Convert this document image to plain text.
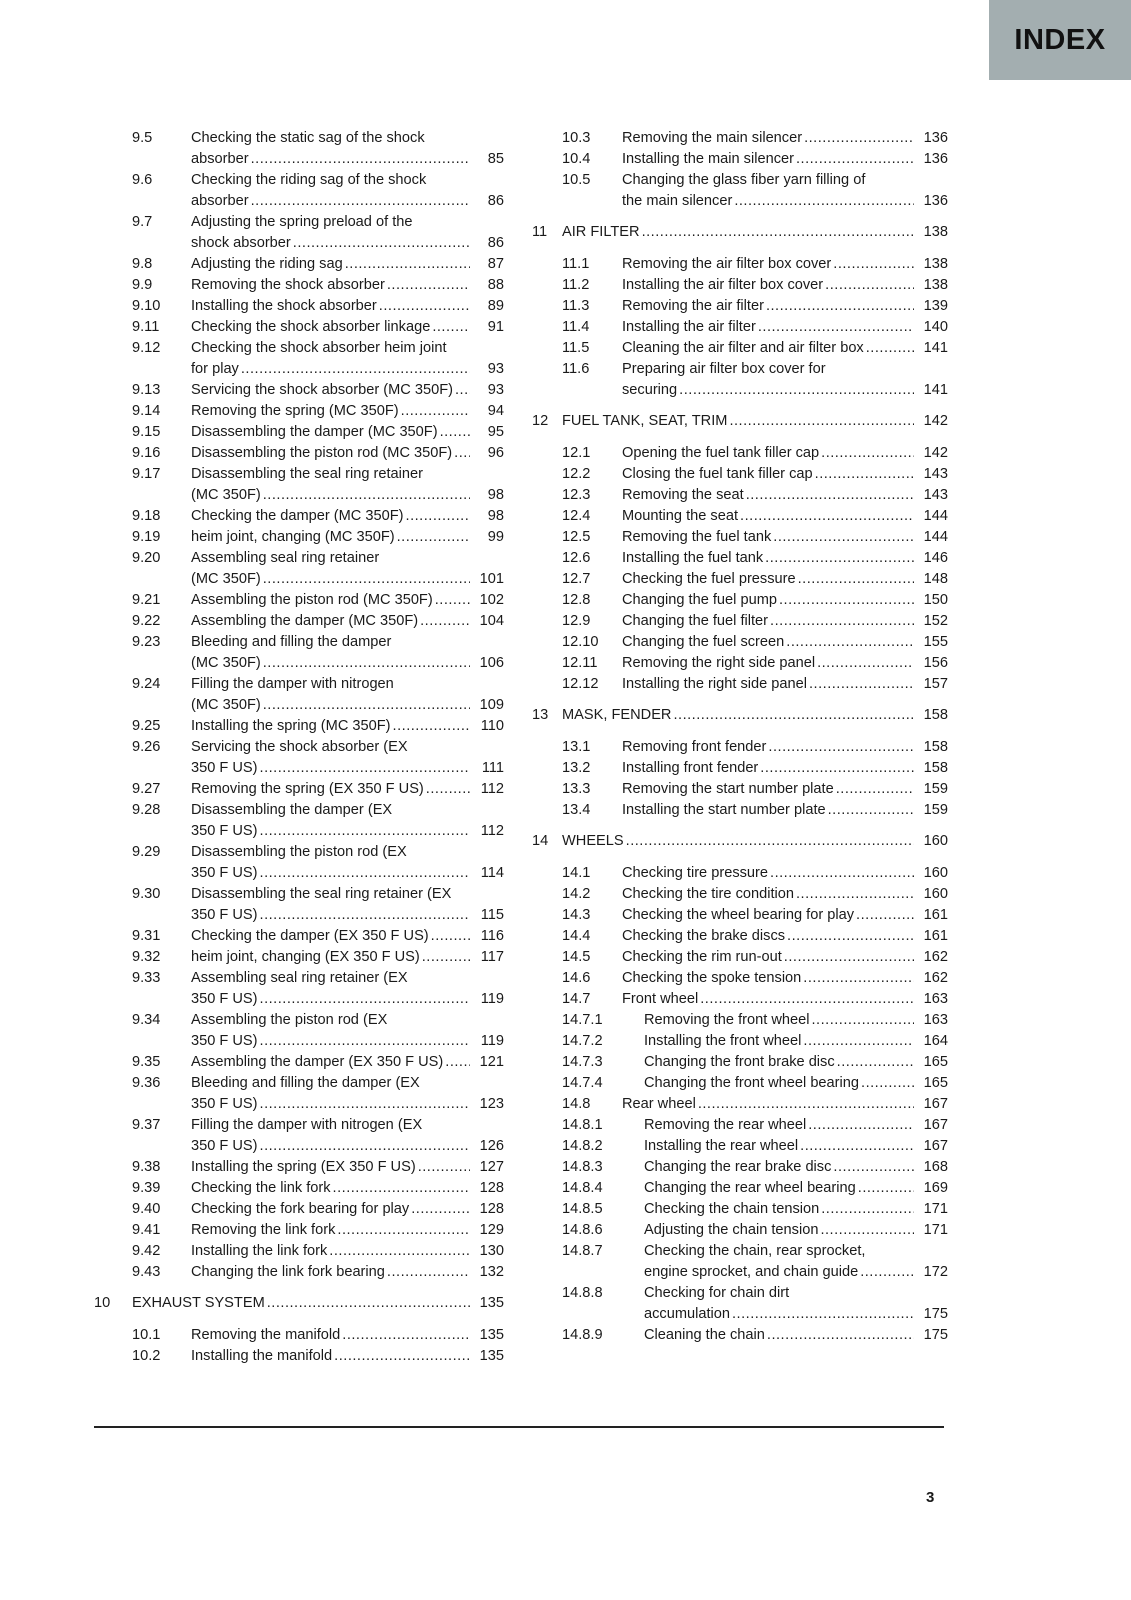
INDEX
9.5	Checking the static sag of the shock
absorber .....	85
9.6	Checking the riding sag of the shock
absorber .....	86
9.7	Adjusting the spring preload of the
shock absorber .....	86
9.8	Adjusting the riding sag .....	87
9.9	Removing the shock absorber .....	88
9.10 Installing the shock absorber .....	89
9.11 Checking the shock absorber linkage .....	91
9.12 Checking the shock absorber heim joint
for play .....	93
9.13 Servicing the shock absorber (MC 350F) .....	93
9.14 Removing the spring (MC 350F) .....	94
9.15 Disassembling the damper (MC 350F) .....	95
9.16 Disassembling the piston rod (MC 350F) .....	96
9.17 Disassembling the seal ring retainer
(MC 350F) .....	98
9.18 Checking the damper (MC 350F) .....	98
9.19 heim joint, changing (MC 350F) .....	99
9.20 Assembling seal ring retainer
(MC 350F) .....	101
9.21 Assembling the piston rod (MC 350F) .....	102
9.22 Assembling the damper (MC 350F) .....	104
9.23 Bleeding and filling the damper
(MC 350F) .....	106
9.24 Filling the damper with nitrogen
(MC 350F) .....	109
9.25 Installing the spring (MC 350F) .....	110
9.26 Servicing the shock absorber (EX
350 F US) .....	111
9.27 Removing the spring (EX 350 F US) .....	112
9.28 Disassembling the damper (EX
350 F US) .....	112
9.29 Disassembling the piston rod (EX
350 F US) .....	114
9.30 Disassembling the seal ring retainer (EX
350 F US) .....	115
9.31 Checking the damper (EX 350 F US) .....	116
9.32 heim joint, changing (EX 350 F US) .....	117
9.33 Assembling seal ring retainer (EX
350 F US) .....	119
9.34 Assembling the piston rod (EX
350 F US) .....	119
9.35 Assembling the damper (EX 350 F US) .....	121
9.36 Bleeding and filling the damper (EX
350 F US) .....	123
9.37 Filling the damper with nitrogen (EX
350 F US) .....	126
9.38 Installing the spring (EX 350 F US) .....	127
9.39 Checking the link fork .....	128
9.40 Checking the fork bearing for play .....	128
9.41 Removing the link fork .....	129
9.42 Installing the link fork .....	130
9.43 Changing the link fork bearing .....	132
10 EXHAUST SYSTEM .....	135
10.1 Removing the manifold .....	135
10.2 Installing the manifold .....	135
10.3 Removing the main silencer .....	136
10.4 Installing the main silencer .....	136
10.5 Changing the glass fiber yarn filling of
the main silencer .....	136
11 AIR FILTER .....	138
11.1 Removing the air filter box cover .....	138
11.2 Installing the air filter box cover .....	138
11.3 Removing the air filter .....	139
11.4 Installing the air filter .....	140
11.5 Cleaning the air filter and air filter box .....	141
11.6 Preparing air filter box cover for
securing .....	141
12 FUEL TANK, SEAT, TRIM .....	142
12.1 Opening the fuel tank filler cap .....	142
12.2 Closing the fuel tank filler cap .....	143
12.3 Removing the seat .....	143
12.4 Mounting the seat .....	144
12.5 Removing the fuel tank .....	144
12.6 Installing the fuel tank .....	146
12.7 Checking the fuel pressure .....	148
12.8 Changing the fuel pump .....	150
12.9 Changing the fuel filter .....	152
12.10 Changing the fuel screen .....	155
12.11 Removing the right side panel .....	156
12.12 Installing the right side panel .....	157
13 MASK, FENDER .....	158
13.1 Removing front fender .....	158
13.2 Installing front fender .....	158
13.3 Removing the start number plate .....	159
13.4 Installing the start number plate .....	159
14 WHEELS .....	160
14.1 Checking tire pressure .....	160
14.2 Checking the tire condition .....	160
14.3 Checking the wheel bearing for play .....	161
14.4 Checking the brake discs .....	161
14.5 Checking the rim run-out .....	162
14.6 Checking the spoke tension .....	162
14.7 Front wheel .....	163
14.7.1	Removing the front wheel .....	163
14.7.2	Installing the front wheel .....	164
14.7.3	Changing the front brake disc .....	165
14.7.4	Changing the front wheel bearing .....	165
14.8 Rear wheel .....	167
14.8.1	Removing the rear wheel .....	167
14.8.2	Installing the rear wheel .....	167
14.8.3	Changing the rear brake disc .....	168
14.8.4	Changing the rear wheel bearing .....	169
14.8.5	Checking the chain tension .....	171
14.8.6	Adjusting the chain tension .....	171
14.8.7	Checking the chain, rear sprocket,
engine sprocket, and chain guide .....	172
14.8.8	Checking for chain dirt
accumulation .....	175
14.8.9	Cleaning the chain .....	175
3
